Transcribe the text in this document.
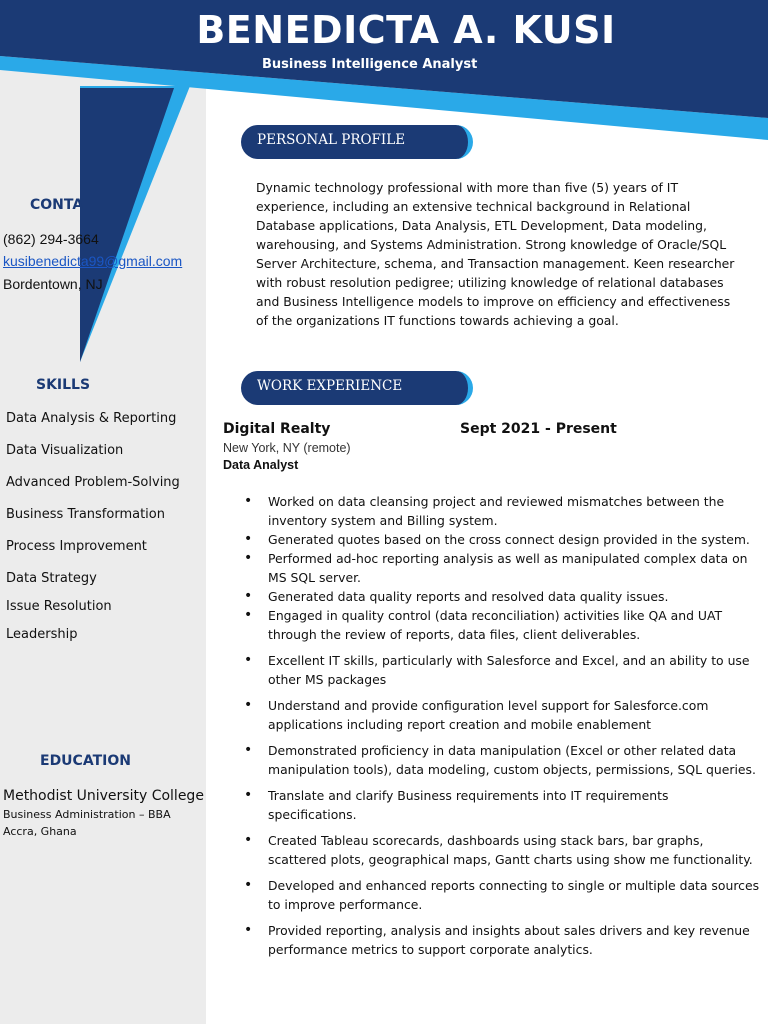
BENEDICTA A. KUSI
Business Intelligence Analyst
CONTA
(862) 294-3664
kusibenedicta99@gmail.com
Bordentown, NJ
SKILLS
Data Analysis & Reporting
Data Visualization
Advanced Problem-Solving
Business Transformation
Process Improvement
Data Strategy
Issue Resolution
Leadership
EDUCATION
Methodist University College
Business Administration – BBA
Accra, Ghana
PERSONAL PROFILE

Dynamic technology professional with more than five (5) years of IT experience, including an extensive technical background in Relational Database applications, Data Analysis, ETL Development, Data modeling, warehousing, and Systems Administration. Strong knowledge of Oracle/SQL Server Architecture, schema, and Transaction management. Keen researcher with robust resolution pedigree; utilizing knowledge of relational databases and Business Intelligence models to improve on efficiency and effectiveness of the organizations IT functions towards achieving a goal.

WORK EXPERIENCE
Digital Realty	Sept 2021 - Present
New York, NY (remote)
Data Analyst
• Worked on data cleansing project and reviewed mismatches between the inventory system and Billing system.
• Generated quotes based on the cross connect design provided in the system.
• Performed ad-hoc reporting analysis as well as manipulated complex data on MS SQL server.
• Generated data quality reports and resolved data quality issues.
• Engaged in quality control (data reconciliation) activities like QA and UAT through the review of reports, data files, client deliverables.
• Excellent IT skills, particularly with Salesforce and Excel, and an ability to use other MS packages
• Understand and provide configuration level support for Salesforce.com applications including report creation and mobile enablement
• Demonstrated proficiency in data manipulation (Excel or other related data manipulation tools), data modeling, custom objects, permissions, SQL queries.
• Translate and clarify Business requirements into IT requirements specifications.
• Created Tableau scorecards, dashboards using stack bars, bar graphs, scattered plots, geographical maps, Gantt charts using show me functionality.
• Developed and enhanced reports connecting to single or multiple data sources to improve performance.
• Provided reporting, analysis and insights about sales drivers and key revenue performance metrics to support corporate analytics.
